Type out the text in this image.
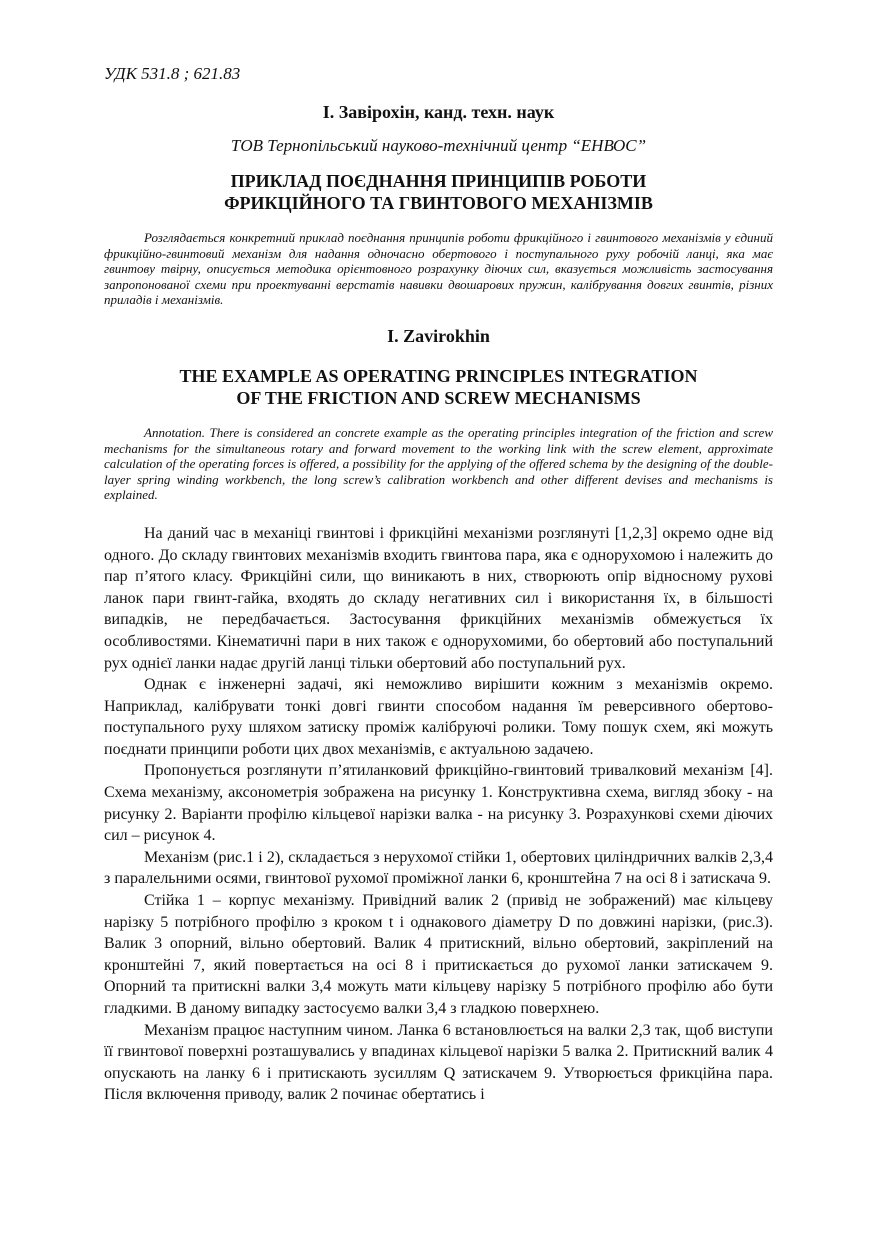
УДК 531.8 ; 621.83
І. Завірохін, канд. техн. наук
ТОВ Тернопільський науково-технічний центр “ЕНВОС”
ПРИКЛАД ПОЄДНАННЯ ПРИНЦИПІВ РОБОТИ
ФРИКЦІЙНОГО ТА ГВИНТОВОГО МЕХАНІЗМІВ
Розглядається конкретний приклад поєднання принципів роботи фрикційного і гвинтового механізмів у єдиний фрикційно-гвинтовий механізм для надання одночасно обертового і поступального руху робочій ланці, яка має гвинтову твірну, описується методика орієнтовного розрахунку діючих сил, вказується можливість застосування запропонованої схеми при проектуванні верстатів навивки двошарових пружин, калібрування довгих гвинтів, різних приладів і механізмів.
I. Zavirokhin
THE EXAMPLE AS OPERATING PRINCIPLES INTEGRATION
OF THE FRICTION AND SCREW MECHANISMS
Annotation. There is considered an concrete example as the operating principles integration of the friction and screw mechanisms for the simultaneous rotary and forward movement to the working link with the screw element, approximate calculation of the operating forces is offered, a possibility for the applying of the offered schema by the designing of the double-layer spring winding workbench, the long screw’s calibration workbench and other different devises and mechanisms is explained.

На даний час в механіці гвинтові і фрикційні механізми розглянуті [1,2,3] окремо одне від одного. До складу гвинтових механізмів входить гвинтова пара, яка є однорухомою і належить до пар п’ятого класу. Фрикційні сили, що виникають в них, створюють опір відносному рухові ланок пари гвинт-гайка, входять до складу негативних сил і використання їх, в більшості випадків, не передбачається. Застосування фрикційних механізмів обмежується їх особливостями. Кінематичні пари в них також є однорухомими, бо обертовий або поступальний рух однієї ланки надає другій ланці тільки обертовий або поступальний рух.

Однак є інженерні задачі, які неможливо вирішити кожним з механізмів окремо. Наприклад, калібрувати тонкі довгі гвинти способом надання їм реверсивного обертово-поступального руху шляхом затиску проміж калібруючі ролики. Тому пошук схем, які можуть поєднати принципи роботи цих двох механізмів, є актуальною задачею.

Пропонується розглянути п’ятиланковий фрикційно-гвинтовий тривалковий механізм [4]. Схема механізму, аксонометрія зображена на рисунку 1. Конструктивна схема, вигляд збоку - на рисунку 2. Варіанти профілю кільцевої нарізки валка - на рисунку 3. Розрахункові схеми діючих сил – рисунок 4.

Механізм (рис.1 і 2), складається з нерухомої стійки 1, обертових циліндричних валків 2,3,4 з паралельними осями, гвинтової рухомої проміжної ланки 6, кронштейна 7 на осі 8 і затискача 9.

Стійка 1 – корпус механізму. Привідний валик 2 (привід не зображений) має кільцеву нарізку 5 потрібного профілю з кроком t і однакового діаметру D по довжині нарізки, (рис.3). Валик 3 опорний, вільно обертовий. Валик 4 притискний, вільно обертовий, закріплений на кронштейні 7, який повертається на осі 8 і притискається до рухомої ланки затискачем 9. Опорний та притискні валки 3,4 можуть мати кільцеву нарізку 5 потрібного профілю або бути гладкими. В даному випадку застосуємо валки 3,4 з гладкою поверхнею.

Механізм працює наступним чином. Ланка 6 встановлюється на валки 2,3 так, щоб виступи її гвинтової поверхні розташувались у впадинах кільцевої нарізки 5 валка 2. Притискний валик 4 опускають на ланку 6 і притискають зусиллям Q затискачем 9. Утворюється фрикційна пара. Після включення приводу, валик 2 починає обертатись і
